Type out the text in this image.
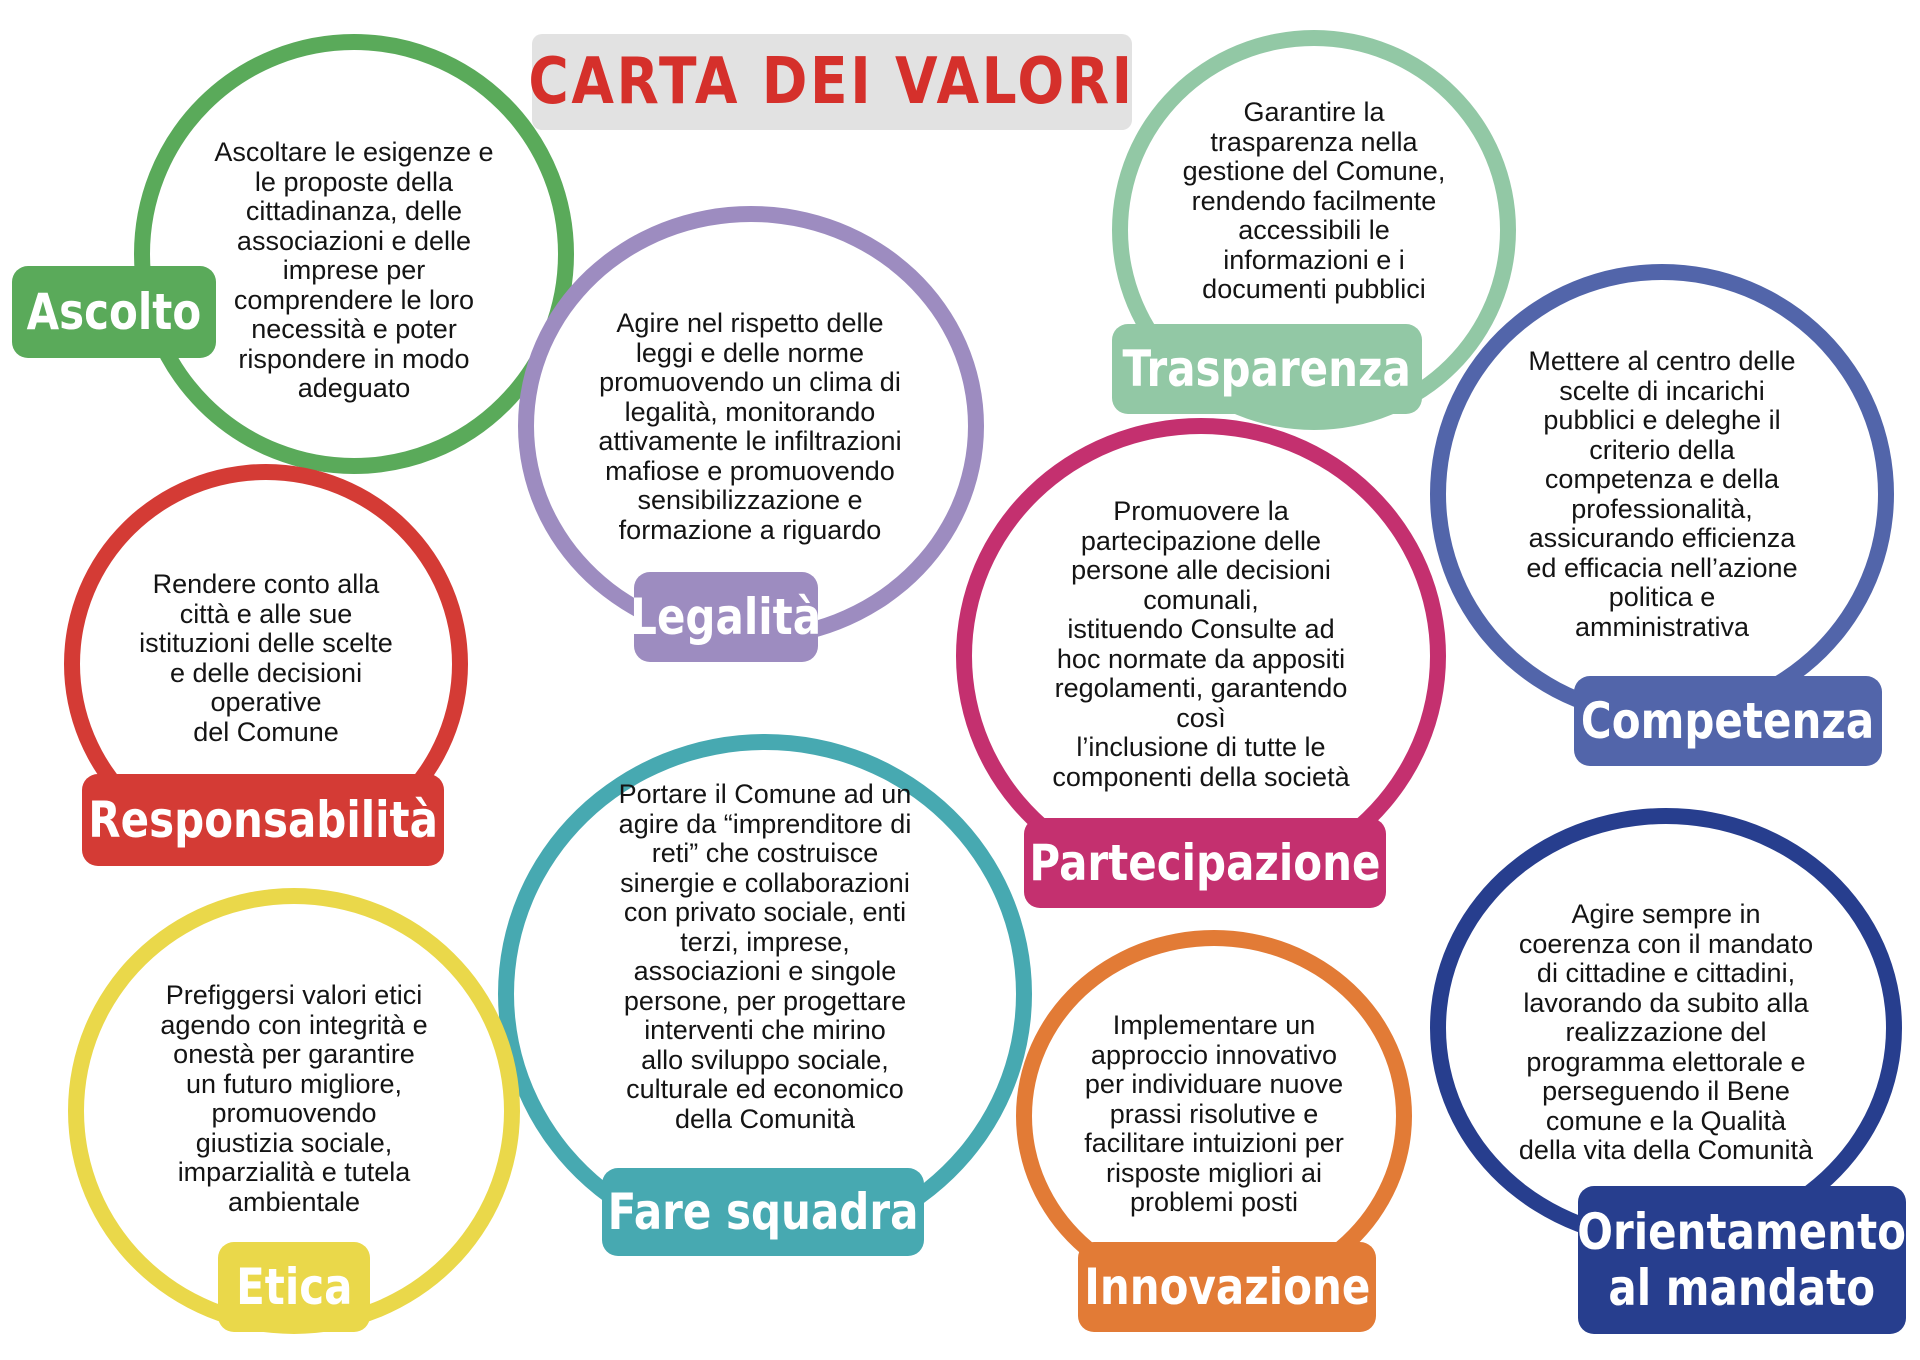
CARTA DEI VALORI
Ascoltare le esigenze e
le proposte della
cittadinanza, delle
associazioni e delle
imprese per
comprendere le loro
necessità e poter
rispondere in modo
adeguato
Ascolto	Agire nel rispetto delle
leggi e delle norme
promuovendo un clima di
legalità, monitorando
attivamente le infiltrazioni
mafiose e promuovendo
sensibilizzazione e
formazione a riguardo
Legalità
Garantire la
trasparenza nella
gestione del Comune,
rendendo facilmente
accessibili le
informazioni e i
documenti pubblici
Trasparenza	Mettere al centro delle
scelte di incarichi
pubblici e deleghe il
criterio della
competenza e della
professionalità,
assicurando efficienza
ed efficacia nell’azione
politica e
amministrativa
Competenza
Rendere conto alla
città e alle sue
istituzioni delle scelte
e delle decisioni
operative
del Comune
Responsabilità
Promuovere la
partecipazione delle
persone alle decisioni
comunali,
istituendo Consulte ad
hoc normate da appositi
regolamenti, garantendo
così
l’inclusione di tutte le
componenti della società
Partecipazione
Portare il Comune ad un
agire da “imprenditore di
reti” che costruisce
sinergie e collaborazioni
con privato sociale, enti
terzi, imprese,
associazioni e singole
persone, per progettare
interventi che mirino
allo sviluppo sociale,
culturale ed economico
della Comunità
Fare squadra
Prefiggersi valori etici
agendo con integrità e
onestà per garantire
un futuro migliore,
promuovendo
giustizia sociale,
imparzialità e tutela
ambientale
Etica
Implementare un
approccio innovativo
per individuare nuove
prassi risolutive e
facilitare intuizioni per
risposte migliori ai
problemi posti
Innovazione
Agire sempre in
coerenza con il mandato
di cittadine e cittadini,
lavorando da subito alla
realizzazione del
programma elettorale e
perseguendo il Bene
comune e la Qualità
della vita della Comunità
Orientamento
al mandato
